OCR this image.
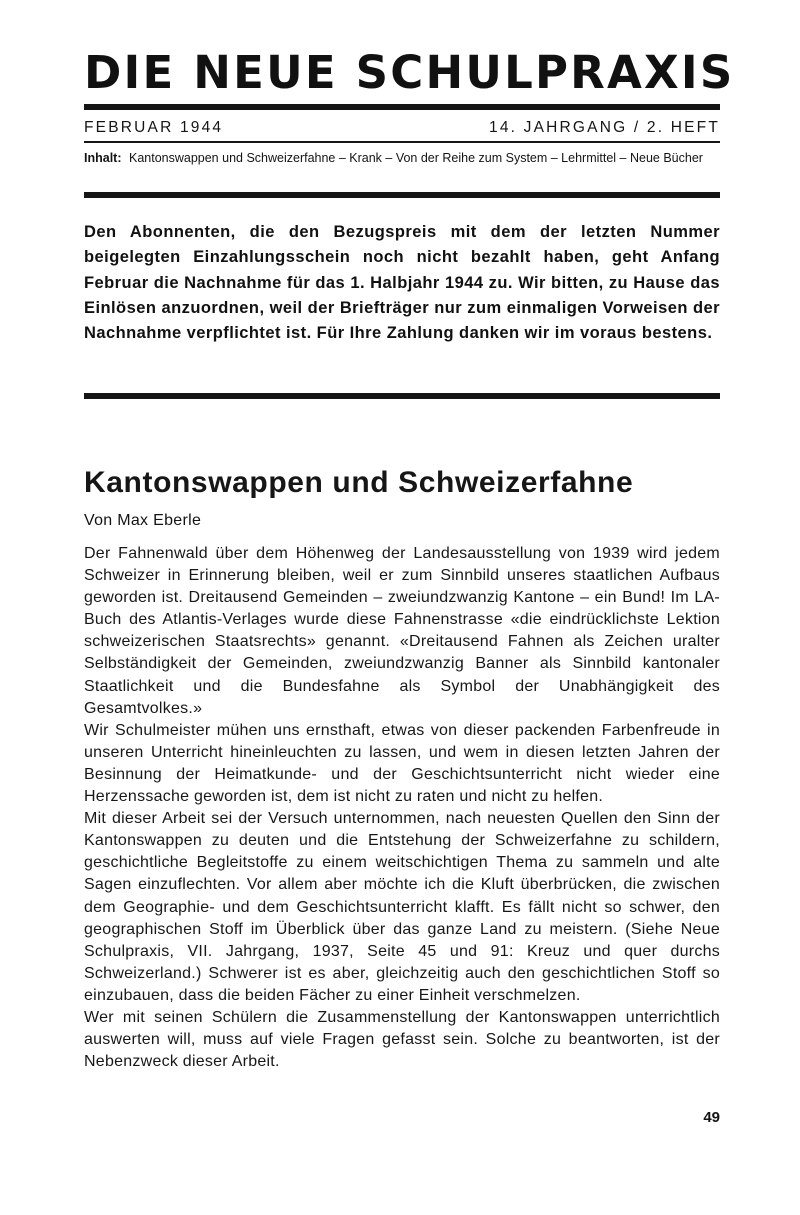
DIE NEUE SCHULPRAXIS
FEBRUAR 1944	14. JAHRGANG / 2. HEFT
Inhalt: Kantonswappen und Schweizerfahne – Krank – Von der Reihe zum System – Lehrmittel – Neue Bücher
Den Abonnenten, die den Bezugspreis mit dem der letzten Nummer beigelegten Einzahlungsschein noch nicht bezahlt haben, geht Anfang Februar die Nachnahme für das 1. Halbjahr 1944 zu. Wir bitten, zu Hause das Einlösen anzuordnen, weil der Briefträger nur zum einmaligen Vorweisen der Nachnahme verpflichtet ist. Für Ihre Zahlung danken wir im voraus bestens.
Kantonswappen und Schweizerfahne
Von Max Eberle

Der Fahnenwald über dem Höhenweg der Landesausstellung von 1939 wird jedem Schweizer in Erinnerung bleiben, weil er zum Sinnbild unseres staatlichen Aufbaus geworden ist. Dreitausend Gemeinden – zweiundzwanzig Kantone – ein Bund! Im LA-Buch des Atlantis-Verlages wurde diese Fahnenstrasse «die eindrücklichste Lektion schweizerischen Staatsrechts» genannt. «Dreitausend Fahnen als Zeichen uralter Selbständigkeit der Gemeinden, zweiundzwanzig Banner als Sinnbild kantonaler Staatlichkeit und die Bundesfahne als Symbol der Unabhängigkeit des Gesamtvolkes.»

Wir Schulmeister mühen uns ernsthaft, etwas von dieser packenden Farbenfreude in unseren Unterricht hineinleuchten zu lassen, und wem in diesen letzten Jahren der Besinnung der Heimatkunde- und der Geschichtsunterricht nicht wieder eine Herzenssache geworden ist, dem ist nicht zu raten und nicht zu helfen.

Mit dieser Arbeit sei der Versuch unternommen, nach neuesten Quellen den Sinn der Kantonswappen zu deuten und die Entstehung der Schweizerfahne zu schildern, geschichtliche Begleitstoffe zu einem weitschichtigen Thema zu sammeln und alte Sagen einzuflechten. Vor allem aber möchte ich die Kluft überbrücken, die zwischen dem Geographie- und dem Geschichtsunterricht klafft. Es fällt nicht so schwer, den geographischen Stoff im Überblick über das ganze Land zu meistern. (Siehe Neue Schulpraxis, VII. Jahrgang, 1937, Seite 45 und 91: Kreuz und quer durchs Schweizerland.) Schwerer ist es aber, gleichzeitig auch den geschichtlichen Stoff so einzubauen, dass die beiden Fächer zu einer Einheit verschmelzen.

Wer mit seinen Schülern die Zusammenstellung der Kantonswappen unterrichtlich auswerten will, muss auf viele Fragen gefasst sein. Solche zu beantworten, ist der Nebenzweck dieser Arbeit.

49
